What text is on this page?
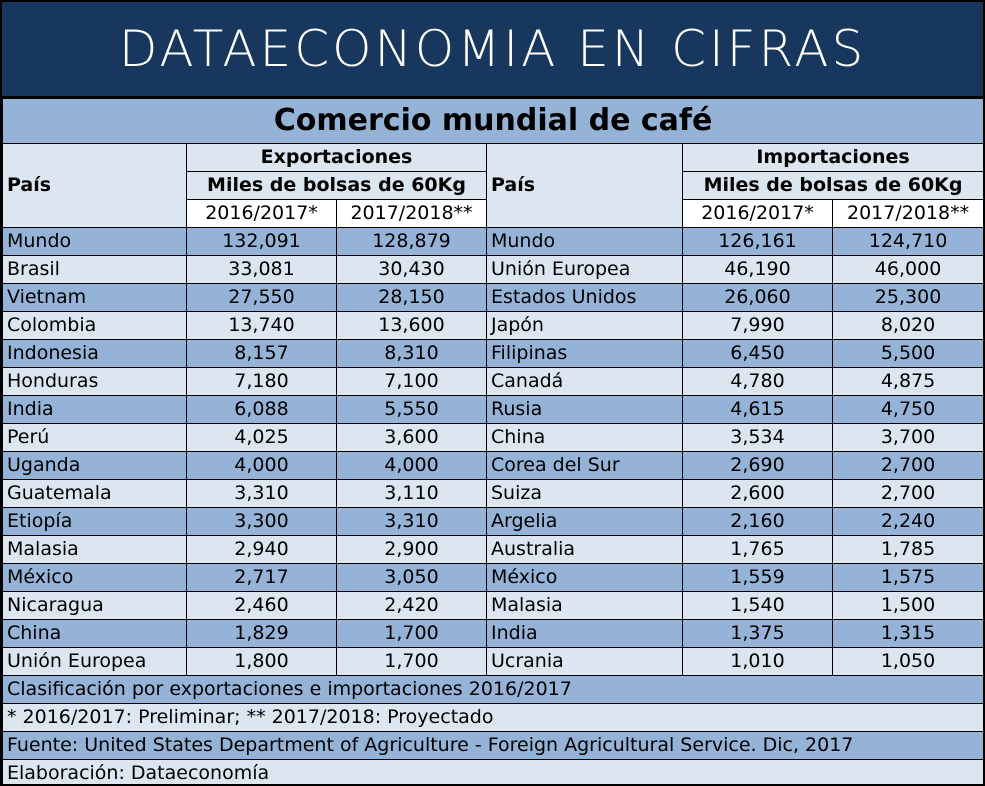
DATAECONOMIA EN CIFRAS
Comercio mundial de café					
País	Exportaciones		País	Importaciones	
	Miles de bolsas de 60Kg			Miles de bolsas de 60Kg	
	2016/2017*	2017/2018**		2016/2017*	2017/2018**
Mundo	132,091	128,879	Mundo	126,161	124,710
Brasil	33,081	30,430	Unión Europea	46,190	46,000
Vietnam	27,550	28,150	Estados Unidos	26,060	25,300
Colombia	13,740	13,600	Japón	7,990	8,020
Indonesia	8,157	8,310	Filipinas	6,450	5,500
Honduras	7,180	7,100	Canadá	4,780	4,875
India	6,088	5,550	Rusia	4,615	4,750
Perú	4,025	3,600	China	3,534	3,700
Uganda	4,000	4,000	Corea del Sur	2,690	2,700
Guatemala	3,310	3,110	Suiza	2,600	2,700
Etiopía	3,300	3,310	Argelia	2,160	2,240
Malasia	2,940	2,900	Australia	1,765	1,785
México	2,717	3,050	México	1,559	1,575
Nicaragua	2,460	2,420	Malasia	1,540	1,500
China	1,829	1,700	India	1,375	1,315
Unión Europea	1,800	1,700	Ucrania	1,010	1,050
Clasificación por exportaciones e importaciones 2016/2017					
* 2016/2017: Preliminar; ** 2017/2018: Proyectado					
Fuente: United States Department of Agriculture - Foreign Agricultural Service. Dic, 2017					
Elaboración: Dataeconomía					
